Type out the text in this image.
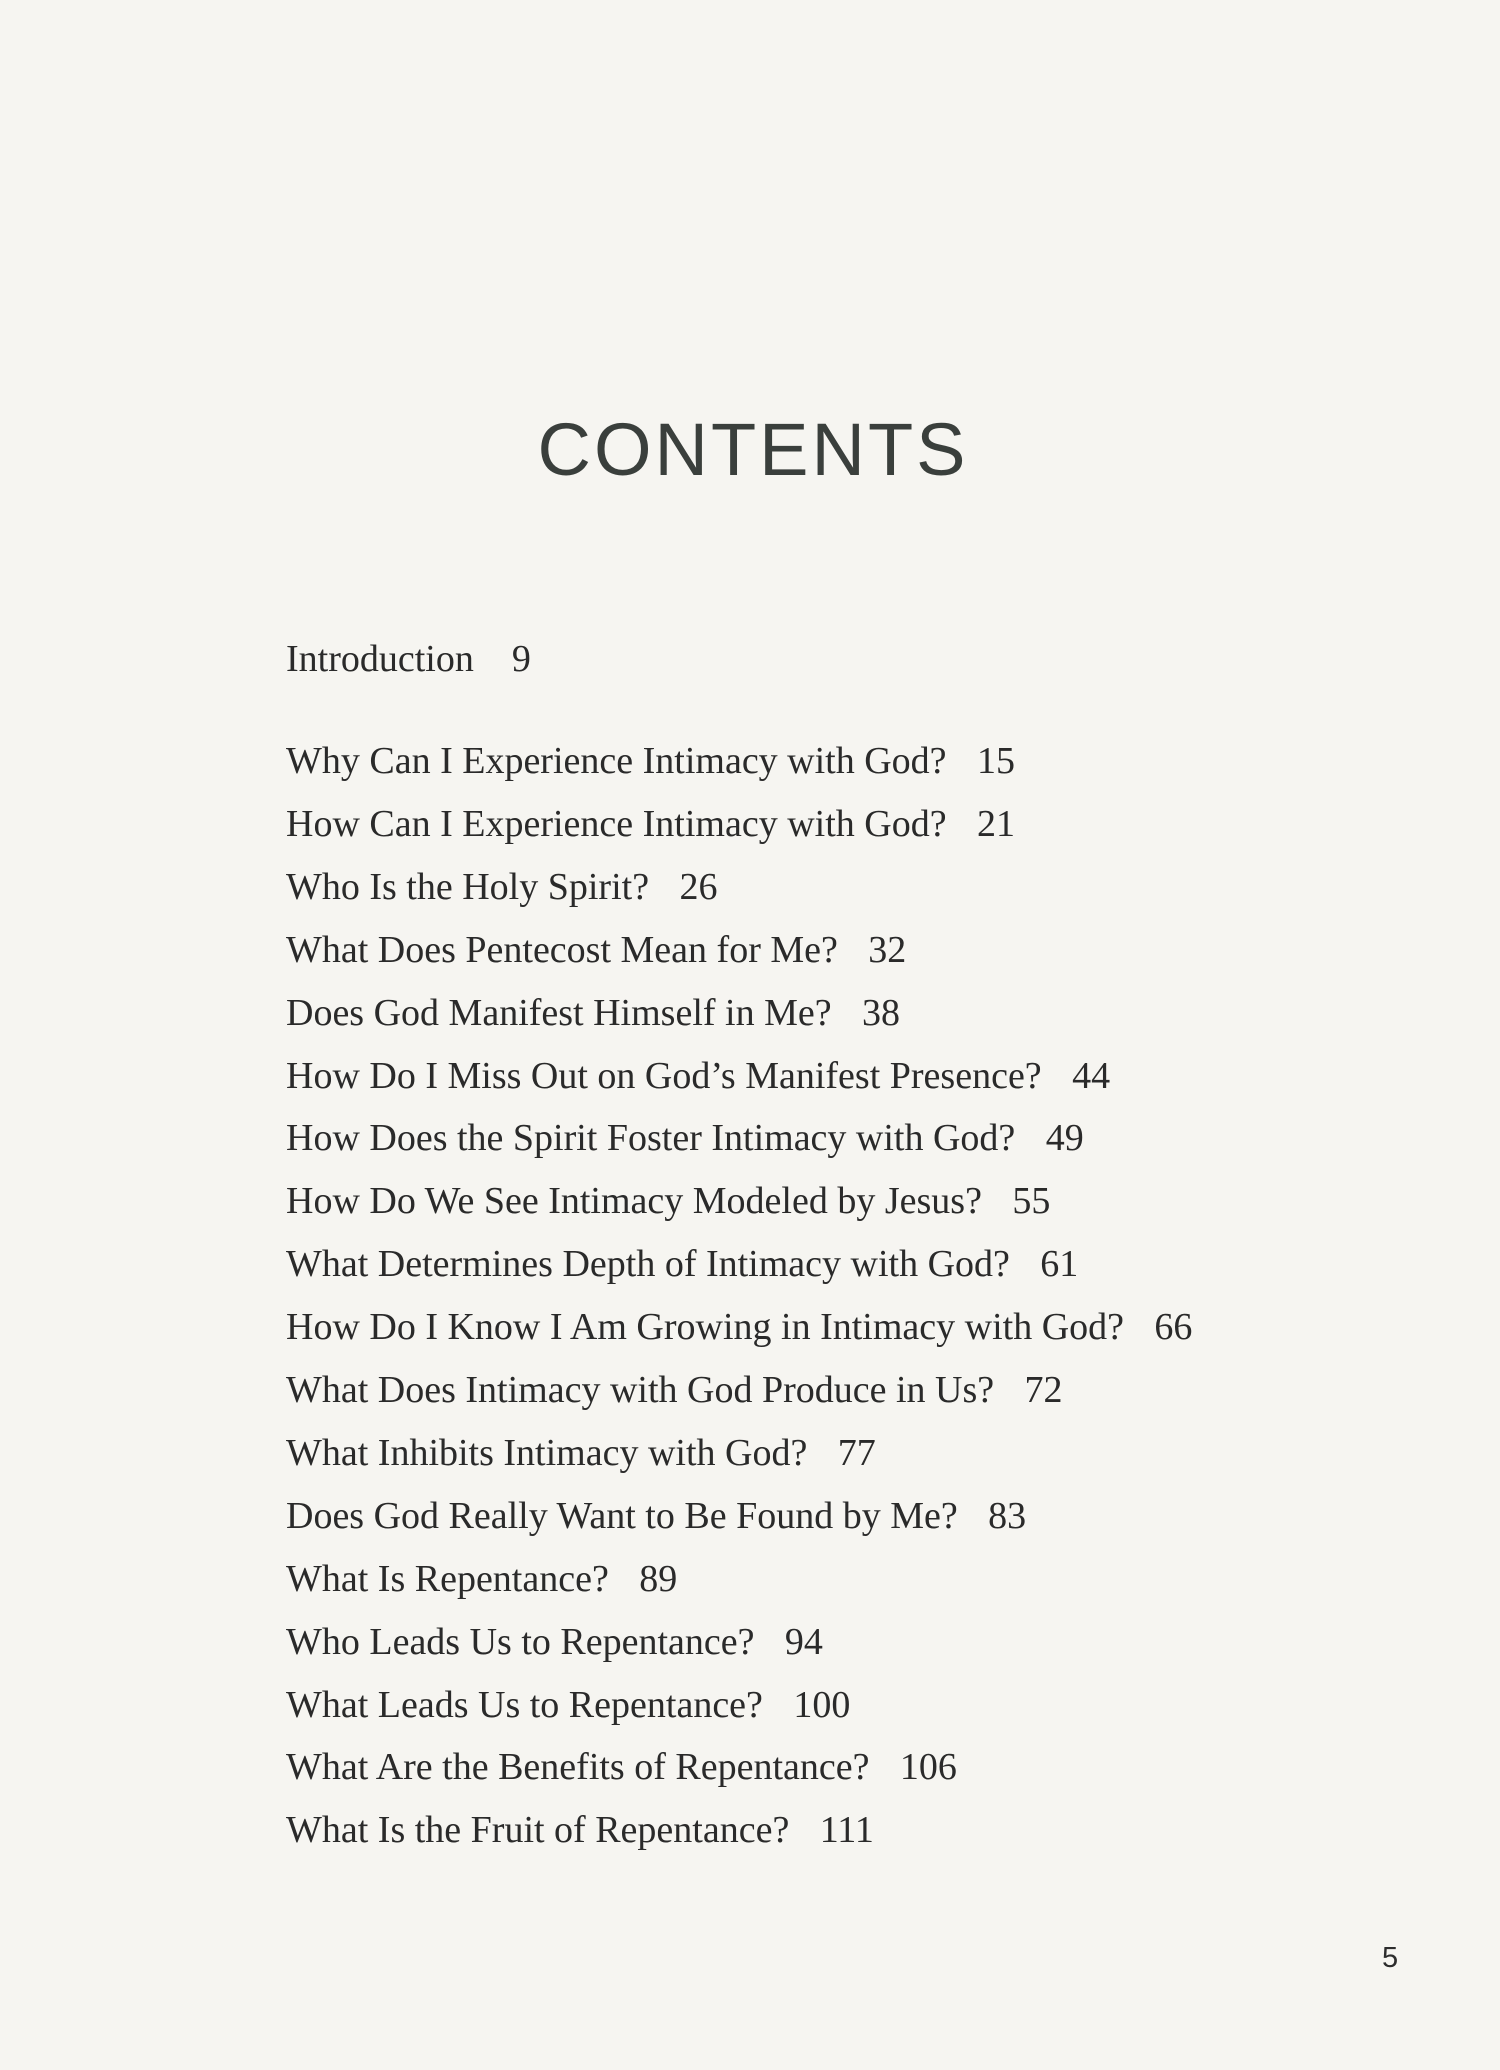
CONTENTS
Introduction 9
Why Can I Experience Intimacy with God? 15
How Can I Experience Intimacy with God? 21
Who Is the Holy Spirit? 26
What Does Pentecost Mean for Me? 32
Does God Manifest Himself in Me? 38
How Do I Miss Out on God’s Manifest Presence? 44
How Does the Spirit Foster Intimacy with God? 49
How Do We See Intimacy Modeled by Jesus? 55
What Determines Depth of Intimacy with God? 61
How Do I Know I Am Growing in Intimacy with God? 66
What Does Intimacy with God Produce in Us? 72
What Inhibits Intimacy with God? 77
Does God Really Want to Be Found by Me? 83
What Is Repentance? 89
Who Leads Us to Repentance? 94
What Leads Us to Repentance? 100
What Are the Benefits of Repentance? 106
What Is the Fruit of Repentance? 111
5
